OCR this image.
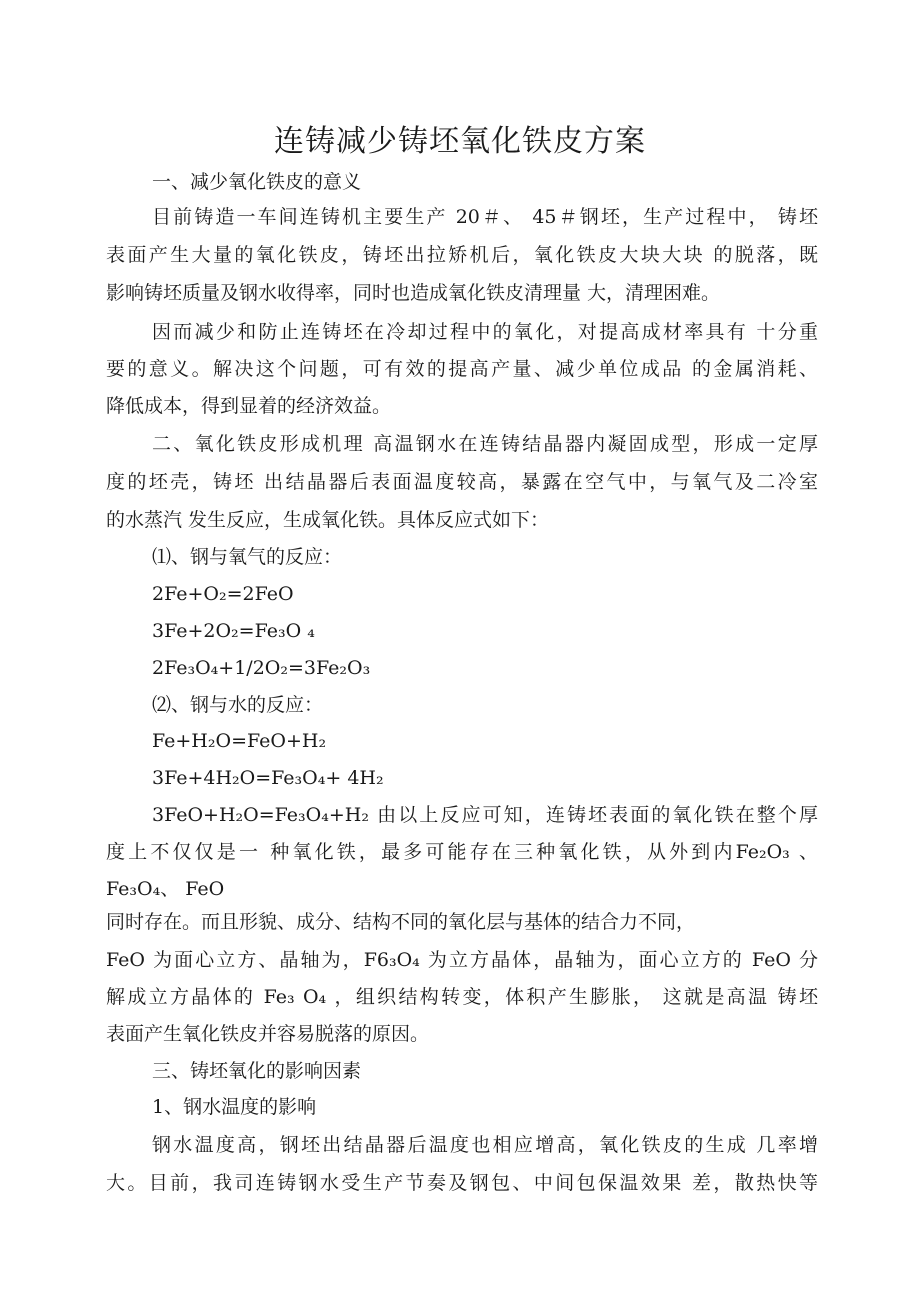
连铸减少铸坯氧化铁皮方案
一、减少氧化铁皮的意义
目前铸造一车间连铸机主要生产 20＃、 45＃钢坯，生产过程中， 铸坯
表面产生大量的氧化铁皮，铸坯出拉矫机后，氧化铁皮大块大块 的脱落，既
影响铸坯质量及钢水收得率，同时也造成氧化铁皮清理量 大，清理困难。
因而减少和防止连铸坯在冷却过程中的氧化，对提高成材率具有 十分重
要的意义。解决这个问题，可有效的提高产量、减少单位成品 的金属消耗、
降低成本，得到显着的经济效益。
二、氧化铁皮形成机理 高温钢水在连铸结晶器内凝固成型，形成一定厚
度的坯壳，铸坯 出结晶器后表面温度较高，暴露在空气中，与氧气及二冷室
的水蒸汽 发生反应，生成氧化铁。具体反应式如下：
⑴、钢与氧气的反应：
2Fe+O₂=2FeO
3Fe+2O₂=Fe₃O ₄
2Fe₃O₄+1/2O₂=3Fe₂O₃
⑵、钢与水的反应：
Fe+H₂O=FeO+H₂
3Fe+4H₂O=Fe₃O₄+ 4H₂
3FeO+H₂O=Fe₃O₄+H₂ 由以上反应可知，连铸坯表面的氧化铁在整个厚
度上不仅仅是一 种氧化铁，最多可能存在三种氧化铁，从外到内Fe₂O₃ 、
Fe₃O₄、 FeO
同时存在。而且形貌、成分、结构不同的氧化层与基体的结合力不同，
FeO 为面心立方、晶轴为，F6₃O₄ 为立方晶体，晶轴为，面心立方的 FeO 分
解成立方晶体的 Fe₃ O₄ ，组织结构转变，体积产生膨胀， 这就是高温 铸坯
表面产生氧化铁皮并容易脱落的原因。
三、铸坯氧化的影响因素
1、钢水温度的影响
钢水温度高，钢坯出结晶器后温度也相应增高，氧化铁皮的生成 几率增
大。目前，我司连铸钢水受生产节奏及钢包、中间包保温效果 差，散热快等
